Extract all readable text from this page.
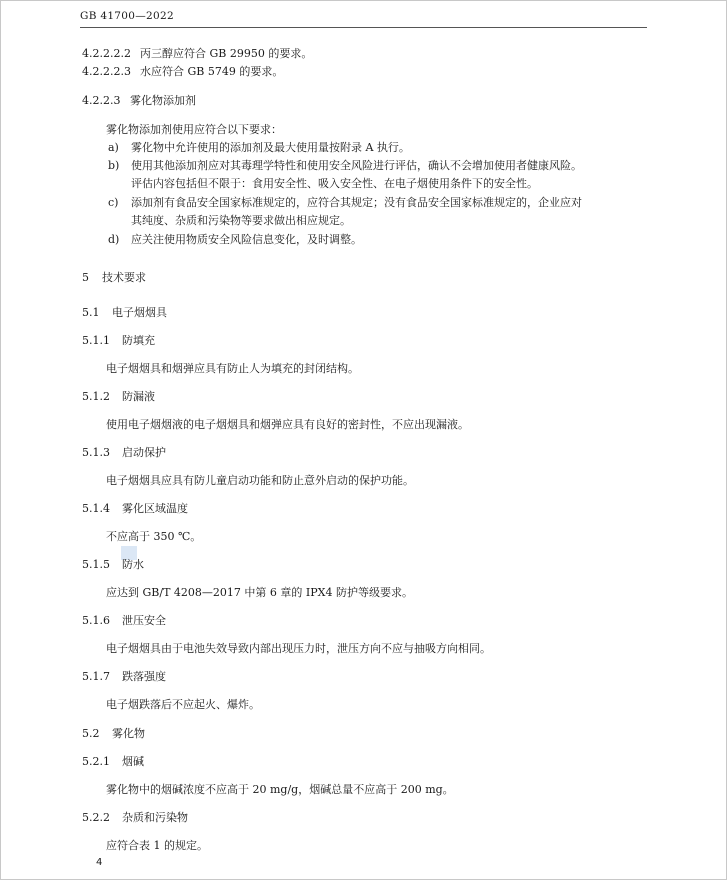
GB 41700—2022
4.2.2.2.2 丙三醇应符合 GB 29950 的要求。
4.2.2.2.3 水应符合 GB 5749 的要求。
4.2.2.3 雾化物添加剂
雾化物添加剂使用应符合以下要求：
a) 雾化物中允许使用的添加剂及最大使用量按附录 A 执行。
b) 使用其他添加剂应对其毒理学特性和使用安全风险进行评估，确认不会增加使用者健康风险。
评估内容包括但不限于：食用安全性、吸入安全性、在电子烟使用条件下的安全性。
c) 添加剂有食品安全国家标准规定的，应符合其规定；没有食品安全国家标准规定的，企业应对
其纯度、杂质和污染物等要求做出相应规定。
d) 应关注使用物质安全风险信息变化，及时调整。
5 技术要求
5.1 电子烟烟具
5.1.1 防填充
电子烟烟具和烟弹应具有防止人为填充的封闭结构。
5.1.2 防漏液
使用电子烟烟液的电子烟烟具和烟弹应具有良好的密封性，不应出现漏液。
5.1.3 启动保护
电子烟烟具应具有防儿童启动功能和防止意外启动的保护功能。
5.1.4 雾化区域温度
不应高于 350 ℃。
5.1.5 防水
应达到 GB/T 4208—2017 中第 6 章的 IPX4 防护等级要求。
5.1.6 泄压安全
电子烟烟具由于电池失效导致内部出现压力时，泄压方向不应与抽吸方向相同。
5.1.7 跌落强度
电子烟跌落后不应起火、爆炸。
5.2 雾化物
5.2.1 烟碱
雾化物中的烟碱浓度不应高于 20 mg/g，烟碱总量不应高于 200 mg。
5.2.2 杂质和污染物
应符合表 1 的规定。
4
